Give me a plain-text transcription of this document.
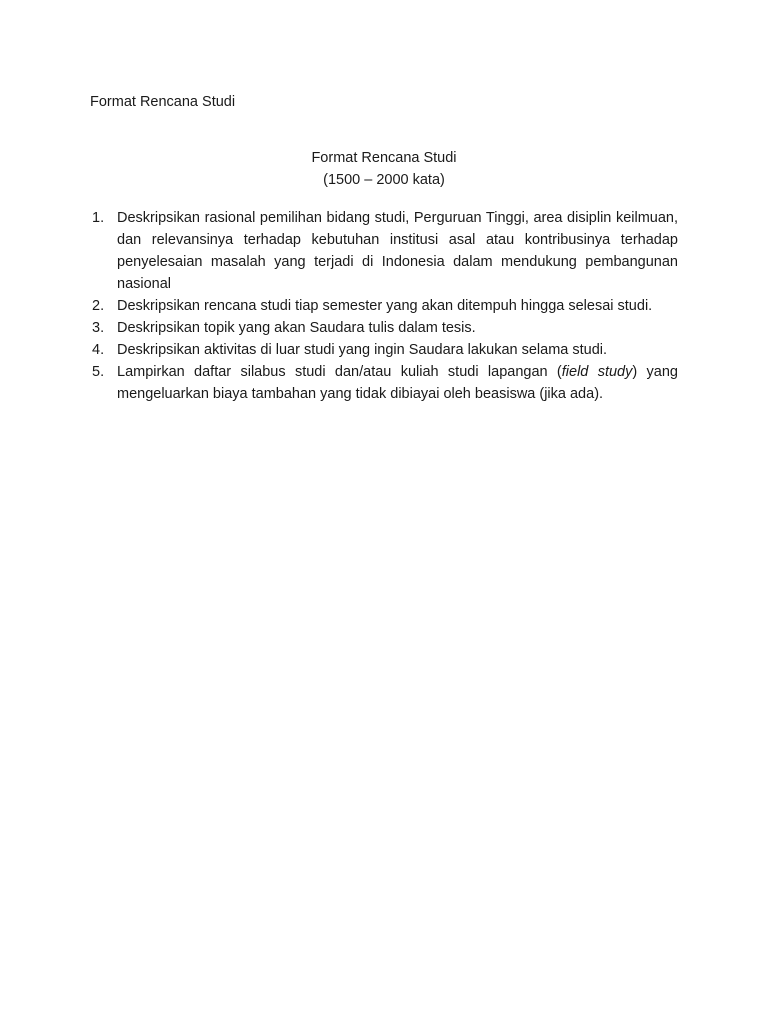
Format Rencana Studi

Format Rencana Studi
(1500 – 2000 kata)
1. Deskripsikan rasional pemilihan bidang studi, Perguruan Tinggi, area disiplin keilmuan, dan relevansinya terhadap kebutuhan institusi asal atau kontribusinya terhadap penyelesaian masalah yang terjadi di Indonesia dalam mendukung pembangunan nasional
2. Deskripsikan rencana studi tiap semester yang akan ditempuh hingga selesai studi.
3. Deskripsikan topik yang akan Saudara tulis dalam tesis.
4. Deskripsikan aktivitas di luar studi yang ingin Saudara lakukan selama studi.
5. Lampirkan daftar silabus studi dan/atau kuliah studi lapangan (field study) yang mengeluarkan biaya tambahan yang tidak dibiayai oleh beasiswa (jika ada).
